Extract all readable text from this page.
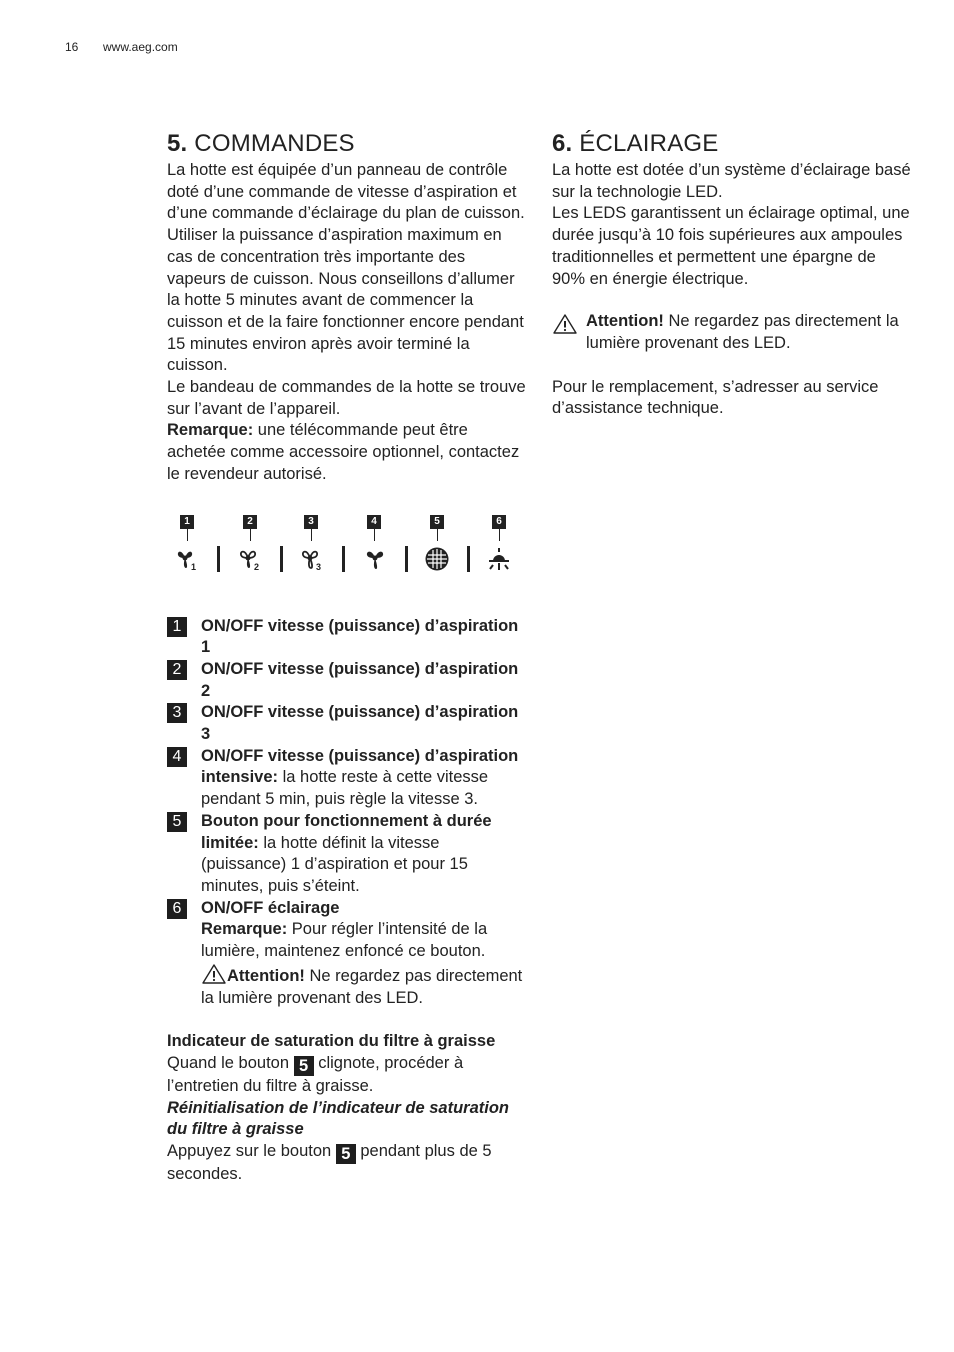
16 www.aeg.com
5. COMMANDES

La hotte est équipée d’un panneau de contrôle doté d’une commande de vitesse d’aspiration et d’une commande d’éclairage du plan de cuisson.

Utiliser la puissance d’aspiration maximum en cas de concentration très importante des vapeurs de cuisson. Nous conseillons d’allumer la hotte 5 minutes avant de commencer la cuisson et de la faire fonctionner encore pendant 15 minutes environ après avoir terminé la cuisson.

Le bandeau de commandes de la hotte se trouve sur l’avant de l’appareil.

Remarque: une télécommande peut être achetée comme accessoire optionnel, contactez le revendeur autorisé.

1	2	3	4	5	6
1	2	3
1	ON/OFF vitesse (puissance) d’aspiration 1
2	ON/OFF vitesse (puissance) d’aspiration 2
3	ON/OFF vitesse (puissance) d’aspiration 3
4	ON/OFF vitesse (puissance) d’aspiration intensive: la hotte reste à cette vitesse pendant 5 min, puis règle la vitesse 3.
5	Bouton pour fonctionnement à durée limitée: la hotte définit la vitesse (puissance) 1 d’aspiration et pour 15 minutes, puis s’éteint.
6	ON/OFF éclairage
Remarque: Pour régler l’intensité de la lumière, maintenez enfoncé ce bouton.
Attention! Ne regardez pas directement la lumière provenant des LED.

Indicateur de saturation du filtre à graisse

Quand le bouton 5 clignote, procéder à l’entretien du filtre à graisse.

Réinitialisation de l’indicateur de saturation du filtre à graisse

Appuyez sur le bouton 5 pendant plus de 5 secondes.

6. ÉCLAIRAGE

La hotte est dotée d’un système d’éclairage basé sur la technologie LED.

Les LEDS garantissent un éclairage optimal, une durée jusqu’à 10 fois supérieures aux ampoules traditionnelles et permettent une épargne de 90% en énergie électrique.

Attention! Ne regardez pas directement la lumière provenant des LED.

Pour le remplacement, s’adresser au service d’assistance technique.
